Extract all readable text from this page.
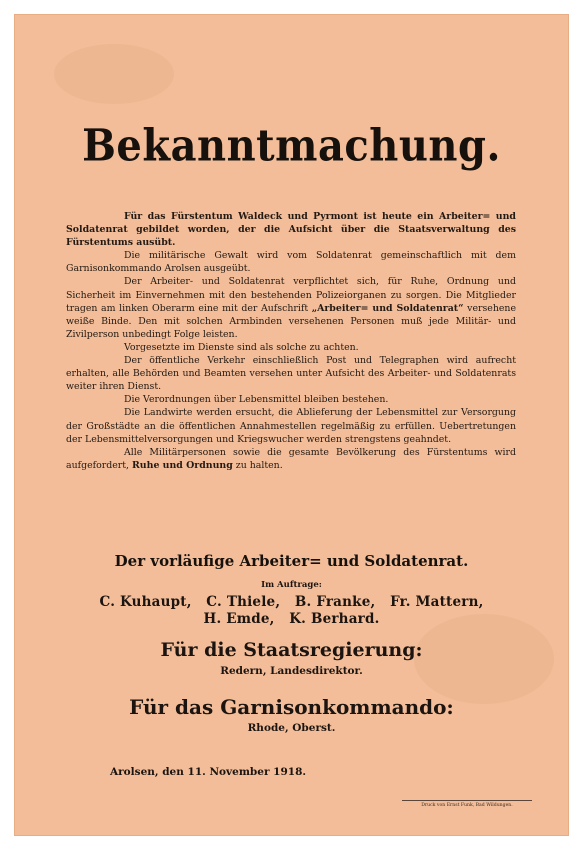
Bekanntmachung.

Für das Fürstentum Waldeck und Pyrmont ist heute ein Arbeiter= und Soldatenrat gebildet worden, der die Aufsicht über die Staatsverwaltung des Fürstentums ausübt.

Die militärische Gewalt wird vom Soldatenrat gemeinschaftlich mit dem Garnisonkommando Arolsen ausgeübt.

Der Arbeiter- und Soldatenrat verpflichtet sich, für Ruhe, Ordnung und Sicherheit im Einvernehmen mit den bestehenden Polizeiorganen zu sorgen. Die Mitglieder tragen am linken Oberarm eine mit der Aufschrift „Arbeiter= und Soldatenrat“ versehene weiße Binde. Den mit solchen Armbinden versehenen Personen muß jede Militär- und Zivilperson unbedingt Folge leisten.

Vorgesetzte im Dienste sind als solche zu achten.

Der öffentliche Verkehr einschließlich Post und Telegraphen wird aufrecht erhalten, alle Behörden und Beamten versehen unter Aufsicht des Arbeiter- und Soldatenrats weiter ihren Dienst.

Die Verordnungen über Lebensmittel bleiben bestehen.

Die Landwirte werden ersucht, die Ablieferung der Lebensmittel zur Versorgung der Großstädte an die öffentlichen Annahmestellen regelmäßig zu erfüllen. Uebertretungen der Lebensmittelversorgungen und Kriegswucher werden strengstens geahndet.

Alle Militärpersonen sowie die gesamte Bevölkerung des Fürstentums wird aufgefordert, Ruhe und Ordnung zu halten.

Der vorläufige Arbeiter= und Soldatenrat.
Im Auftrage:
C. Kuhaupt,   C. Thiele,   B. Franke,   Fr. Mattern,
H. Emde,   K. Berhard.
Für die Staatsregierung:
Redern, Landesdirektor.
Für das Garnisonkommando:
Rhode, Oberst.
Arolsen, den 11. November 1918.
Druck von Ernst Funk, Bad Wildungen.
